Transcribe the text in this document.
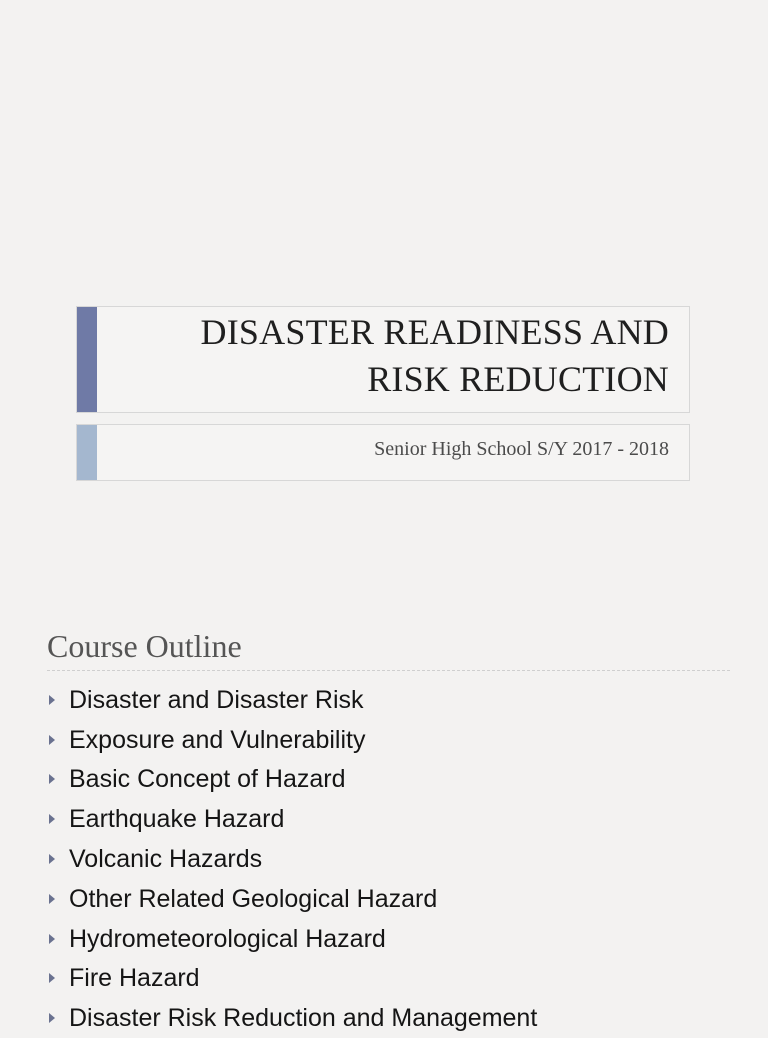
DISASTER READINESS AND
RISK REDUCTION
Senior High School S/Y 2017 - 2018
Course Outline
Disaster and Disaster Risk
Exposure and Vulnerability
Basic Concept of Hazard
Earthquake Hazard
Volcanic Hazards
Other Related Geological Hazard
Hydrometeorological Hazard
Fire Hazard
Disaster Risk Reduction and Management
